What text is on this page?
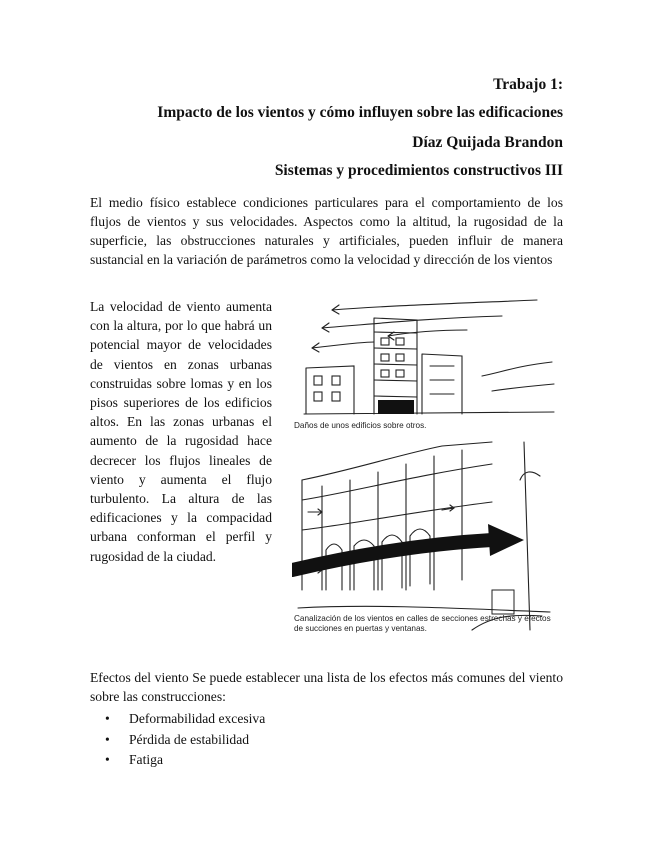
Trabajo 1:
Impacto de los vientos y cómo influyen sobre las edificaciones
Díaz Quijada Brandon
Sistemas y procedimientos constructivos III
El medio físico establece condiciones particulares para el comportamiento de los flujos de vientos y sus velocidades. Aspectos como la altitud, la rugosidad de la superficie, las obstrucciones naturales y artificiales, pueden influir de manera sustancial en la variación de parámetros como la velocidad y dirección de los vientos
La velocidad de viento aumenta con la altura, por lo que habrá un potencial mayor de velocidades de vientos en zonas urbanas construidas sobre lomas y en los pisos superiores de los edificios altos. En las zonas urbanas el aumento de la rugosidad hace decrecer los flujos lineales de viento y aumenta el flujo turbulento. La altura de las edificaciones y la compacidad urbana conforman el perfil y rugosidad de la ciudad.
Daños de unos edificios sobre otros.
Canalización de los vientos en calles de secciones estrechas y efectos de succiones en puertas y ventanas.
Efectos del viento Se puede establecer una lista de los efectos más comunes del viento sobre las construcciones:
• Deformabilidad excesiva
• Pérdida de estabilidad
• Fatiga
